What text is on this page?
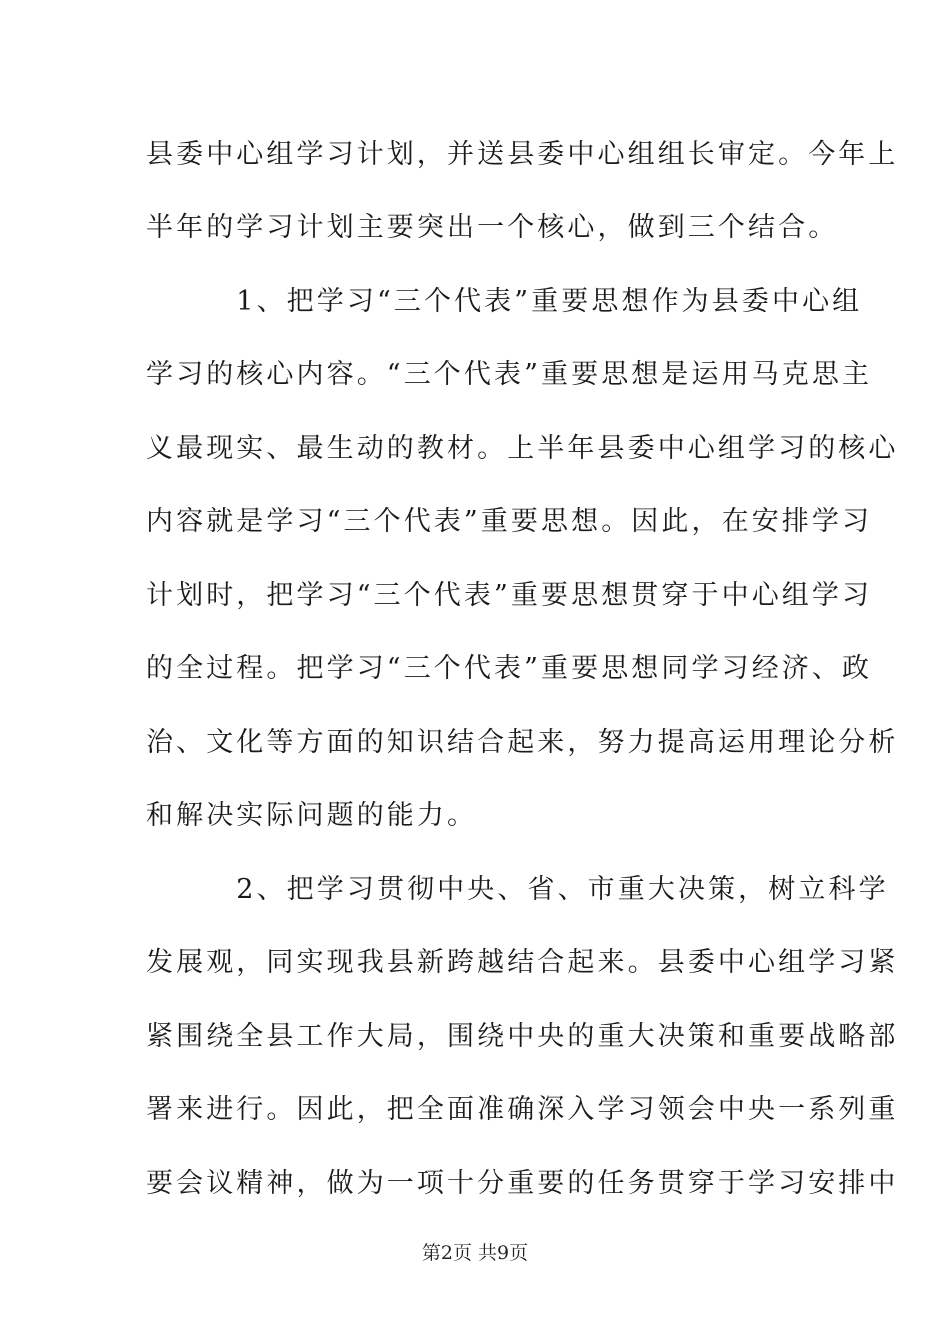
县委中心组学习计划，并送县委中心组组长审定。今年上
半年的学习计划主要突出一个核心，做到三个结合。
　　　1、把学习“三个代表”重要思想作为县委中心组
学习的核心内容。“三个代表”重要思想是运用马克思主
义最现实、最生动的教材。上半年县委中心组学习的核心
内容就是学习“三个代表”重要思想。因此，在安排学习
计划时，把学习“三个代表”重要思想贯穿于中心组学习
的全过程。把学习“三个代表”重要思想同学习经济、政
治、文化等方面的知识结合起来，努力提高运用理论分析
和解决实际问题的能力。
　　　2、把学习贯彻中央、省、市重大决策，树立科学
发展观，同实现我县新跨越结合起来。县委中心组学习紧
紧围绕全县工作大局，围绕中央的重大决策和重要战略部
署来进行。因此，把全面准确深入学习领会中央一系列重
要会议精神，做为一项十分重要的任务贯穿于学习安排中
第2页 共9页
